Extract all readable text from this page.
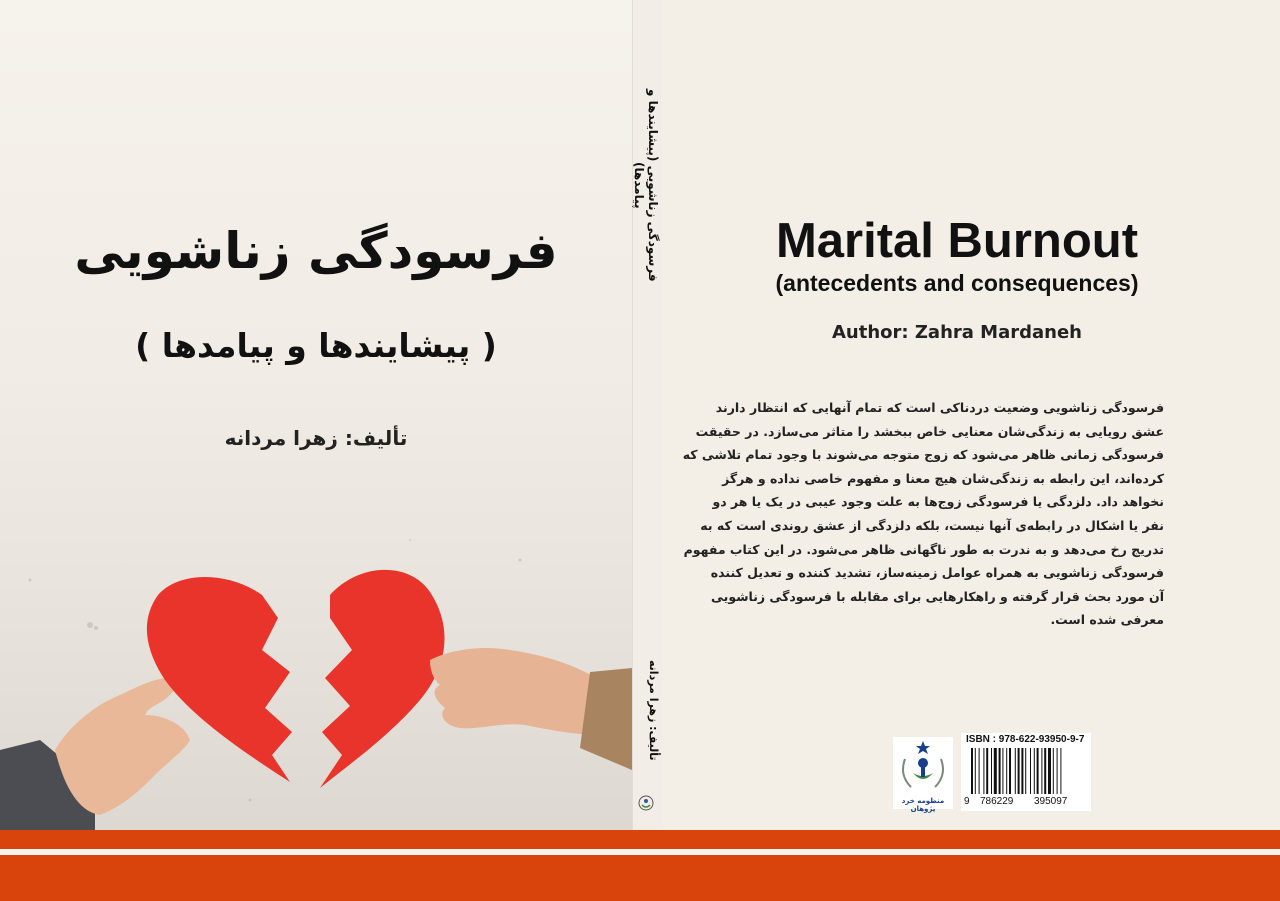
فرسودگی زناشویی
( پیشایندها و پیامدها )
تألیف: زهرا مردانه
فرسودگی زناشویی (پیشایندها و پیامدها)
تألیف: زهرا مردانه
Marital Burnout
(antecedents and consequences)
Author: Zahra Mardaneh
فرسودگی زناشویی وضعیت دردناکی است که تمام آنهایی که انتظار دارند
عشق رویایی به زندگی‌شان معنایی خاص ببخشد را متاثر می‌سازد. در حقیقت
فرسودگی زمانی ظاهر می‌شود که زوج متوجه می‌شوند با وجود تمام تلاشی که
کرده‌اند، این رابطه به زندگی‌شان هیچ معنا و مفهوم خاصی نداده و هرگز
نخواهد داد. دلزدگی یا فرسودگی زوج‌ها به علت وجود عیبی در یک یا هر دو
نفر یا اشکال در رابطه‌ی آنها نیست، بلکه دلزدگی از عشق روندی است که به
تدریج رخ می‌دهد و به ندرت به طور ناگهانی ظاهر می‌شود. در این کتاب مفهوم
فرسودگی زناشویی به همراه عوامل زمینه‌ساز، تشدید کننده و تعدیل کننده
آن مورد بحث قرار گرفته و راهکارهایی برای مقابله با فرسودگی زناشویی
معرفی شده است.
منظومه خرد پژوهان
ISBN : 978-622-93950-9-7
9 786229 395097
